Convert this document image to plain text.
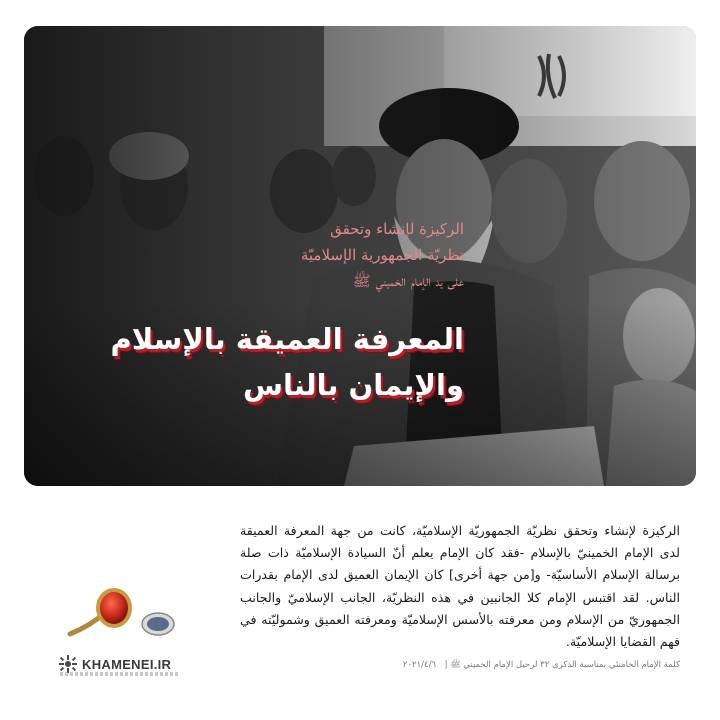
الركيزة لإنشاء وتحقق
نظريّة الجمهورية الإسلاميّة
على يد الإمام الخميني ﷺ
المعرفة العميقة بالإسلام
والإيمان بالناس
الركيزة لإنشاء وتحقق نظريّة الجمهوريّة الإسلاميّة، كانت من جهة المعرفة العميقة لدى الإمام الخمينيّ بالإسلام -فقد كان الإمام يعلم أنّ السيادة الإسلاميّة ذات صلة برسالة الإسلام الأساسيّة- و[من جهة أخرى] كان الإيمان العميق لدى الإمام بقدرات الناس. لقد اقتبس الإمام كلا الجانبين في هذه النظريّة، الجانب الإسلاميّ والجانب الجمهوريّ من الإسلام ومن معرفته بالأسس الإسلاميّة ومعرفته العميق وشموليّته في فهم القضايا الإسلاميّة.
كلمة الإمام الخامنئي بمناسبة الذكرى ٣٢ لرحيل الإمام الخميني ﷺ | ٢٠٢١/٤/٦
KHAMENEI.IR
